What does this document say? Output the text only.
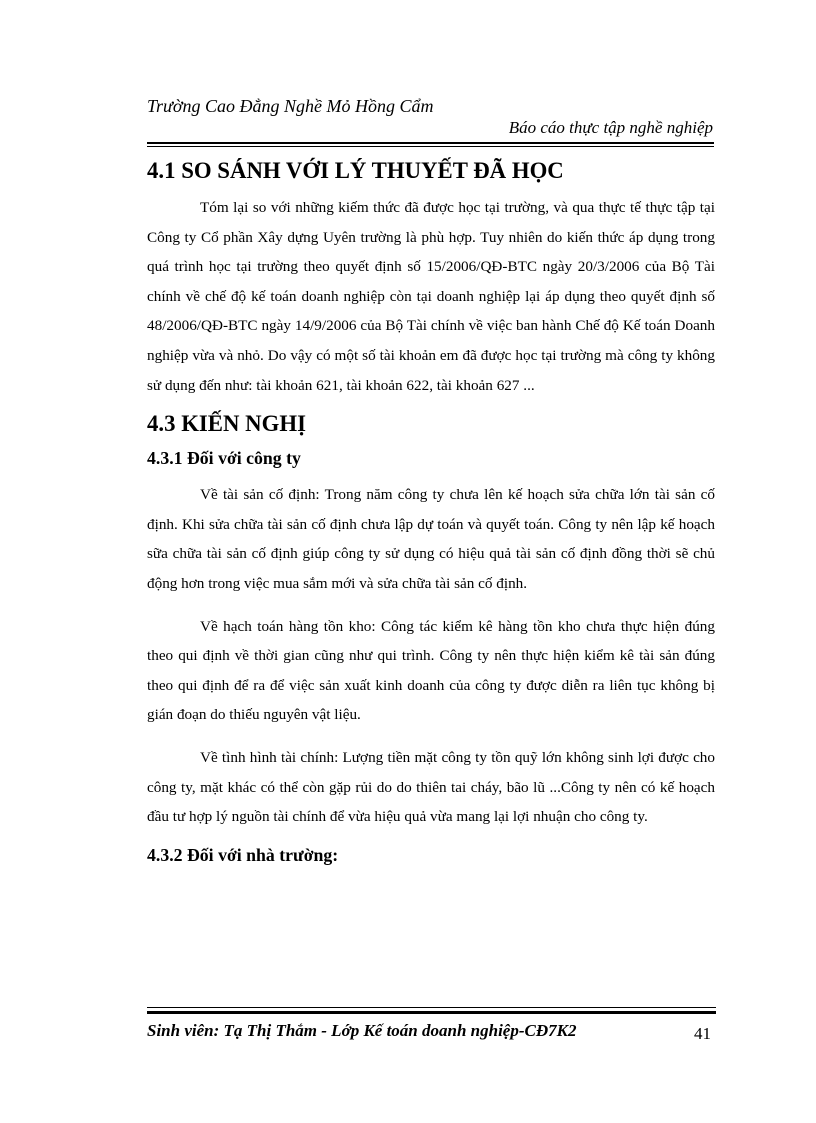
Trường Cao Đẳng Nghề Mỏ Hồng Cẩm
Báo cáo thực tập nghề nghiệp
4.1 SO SÁNH VỚI LÝ THUYẾT ĐÃ HỌC

Tóm lại so với những kiếm thức đã được học tại trường, và qua thực tế thực tập tại Công ty Cổ phần Xây dựng Uyên trường là phù hợp. Tuy nhiên do kiến thức áp dụng trong quá trình học tại trường theo quyết định số 15/2006/QĐ-BTC ngày 20/3/2006 của Bộ Tài chính về chế độ kế toán doanh nghiệp còn tại doanh nghiệp lại áp dụng theo quyết định số 48/2006/QĐ-BTC ngày 14/9/2006 của Bộ Tài chính về việc ban hành Chế độ Kế toán Doanh nghiệp vừa và nhỏ. Do vậy có một số tài khoản em đã được học tại trường mà công ty không sử dụng đến như: tài khoản 621, tài khoản 622, tài khoản 627 ...

4.3 KIẾN NGHỊ
4.3.1 Đối với công ty

Về tài sản cố định: Trong năm công ty chưa lên kế hoạch sửa chữa lớn tài sản cố định. Khi sửa chữa tài sản cố định chưa lập dự toán và quyết toán. Công ty nên lập kế hoạch sữa chữa tài sản cố định giúp công ty sử dụng có hiệu quả tài sản cố định đồng thời sẽ chủ động hơn trong việc mua sắm mới và sửa chữa tài sản cố định.

Về hạch toán hàng tồn kho: Công tác kiểm kê hàng tồn kho chưa thực hiện đúng theo qui định về thời gian cũng như qui trình. Công ty nên thực hiện kiểm kê tài sản đúng theo qui định để ra để việc sản xuất kinh doanh của công ty được diễn ra liên tục không bị gián đoạn do thiếu nguyên vật liệu.

Về tình hình tài chính: Lượng tiền mặt công ty tồn quỹ lớn không sinh lợi được cho công ty, mặt khác có thể còn gặp rủi do do thiên tai cháy, bão lũ ...Công ty nên có kế hoạch đầu tư hợp lý nguồn tài chính để vừa hiệu quả vừa mang lại lợi nhuận cho công ty.

4.3.2 Đối với nhà trường:
Sinh viên: Tạ Thị Thắm - Lớp Kế toán doanh nghiệp-CĐ7K2	41
